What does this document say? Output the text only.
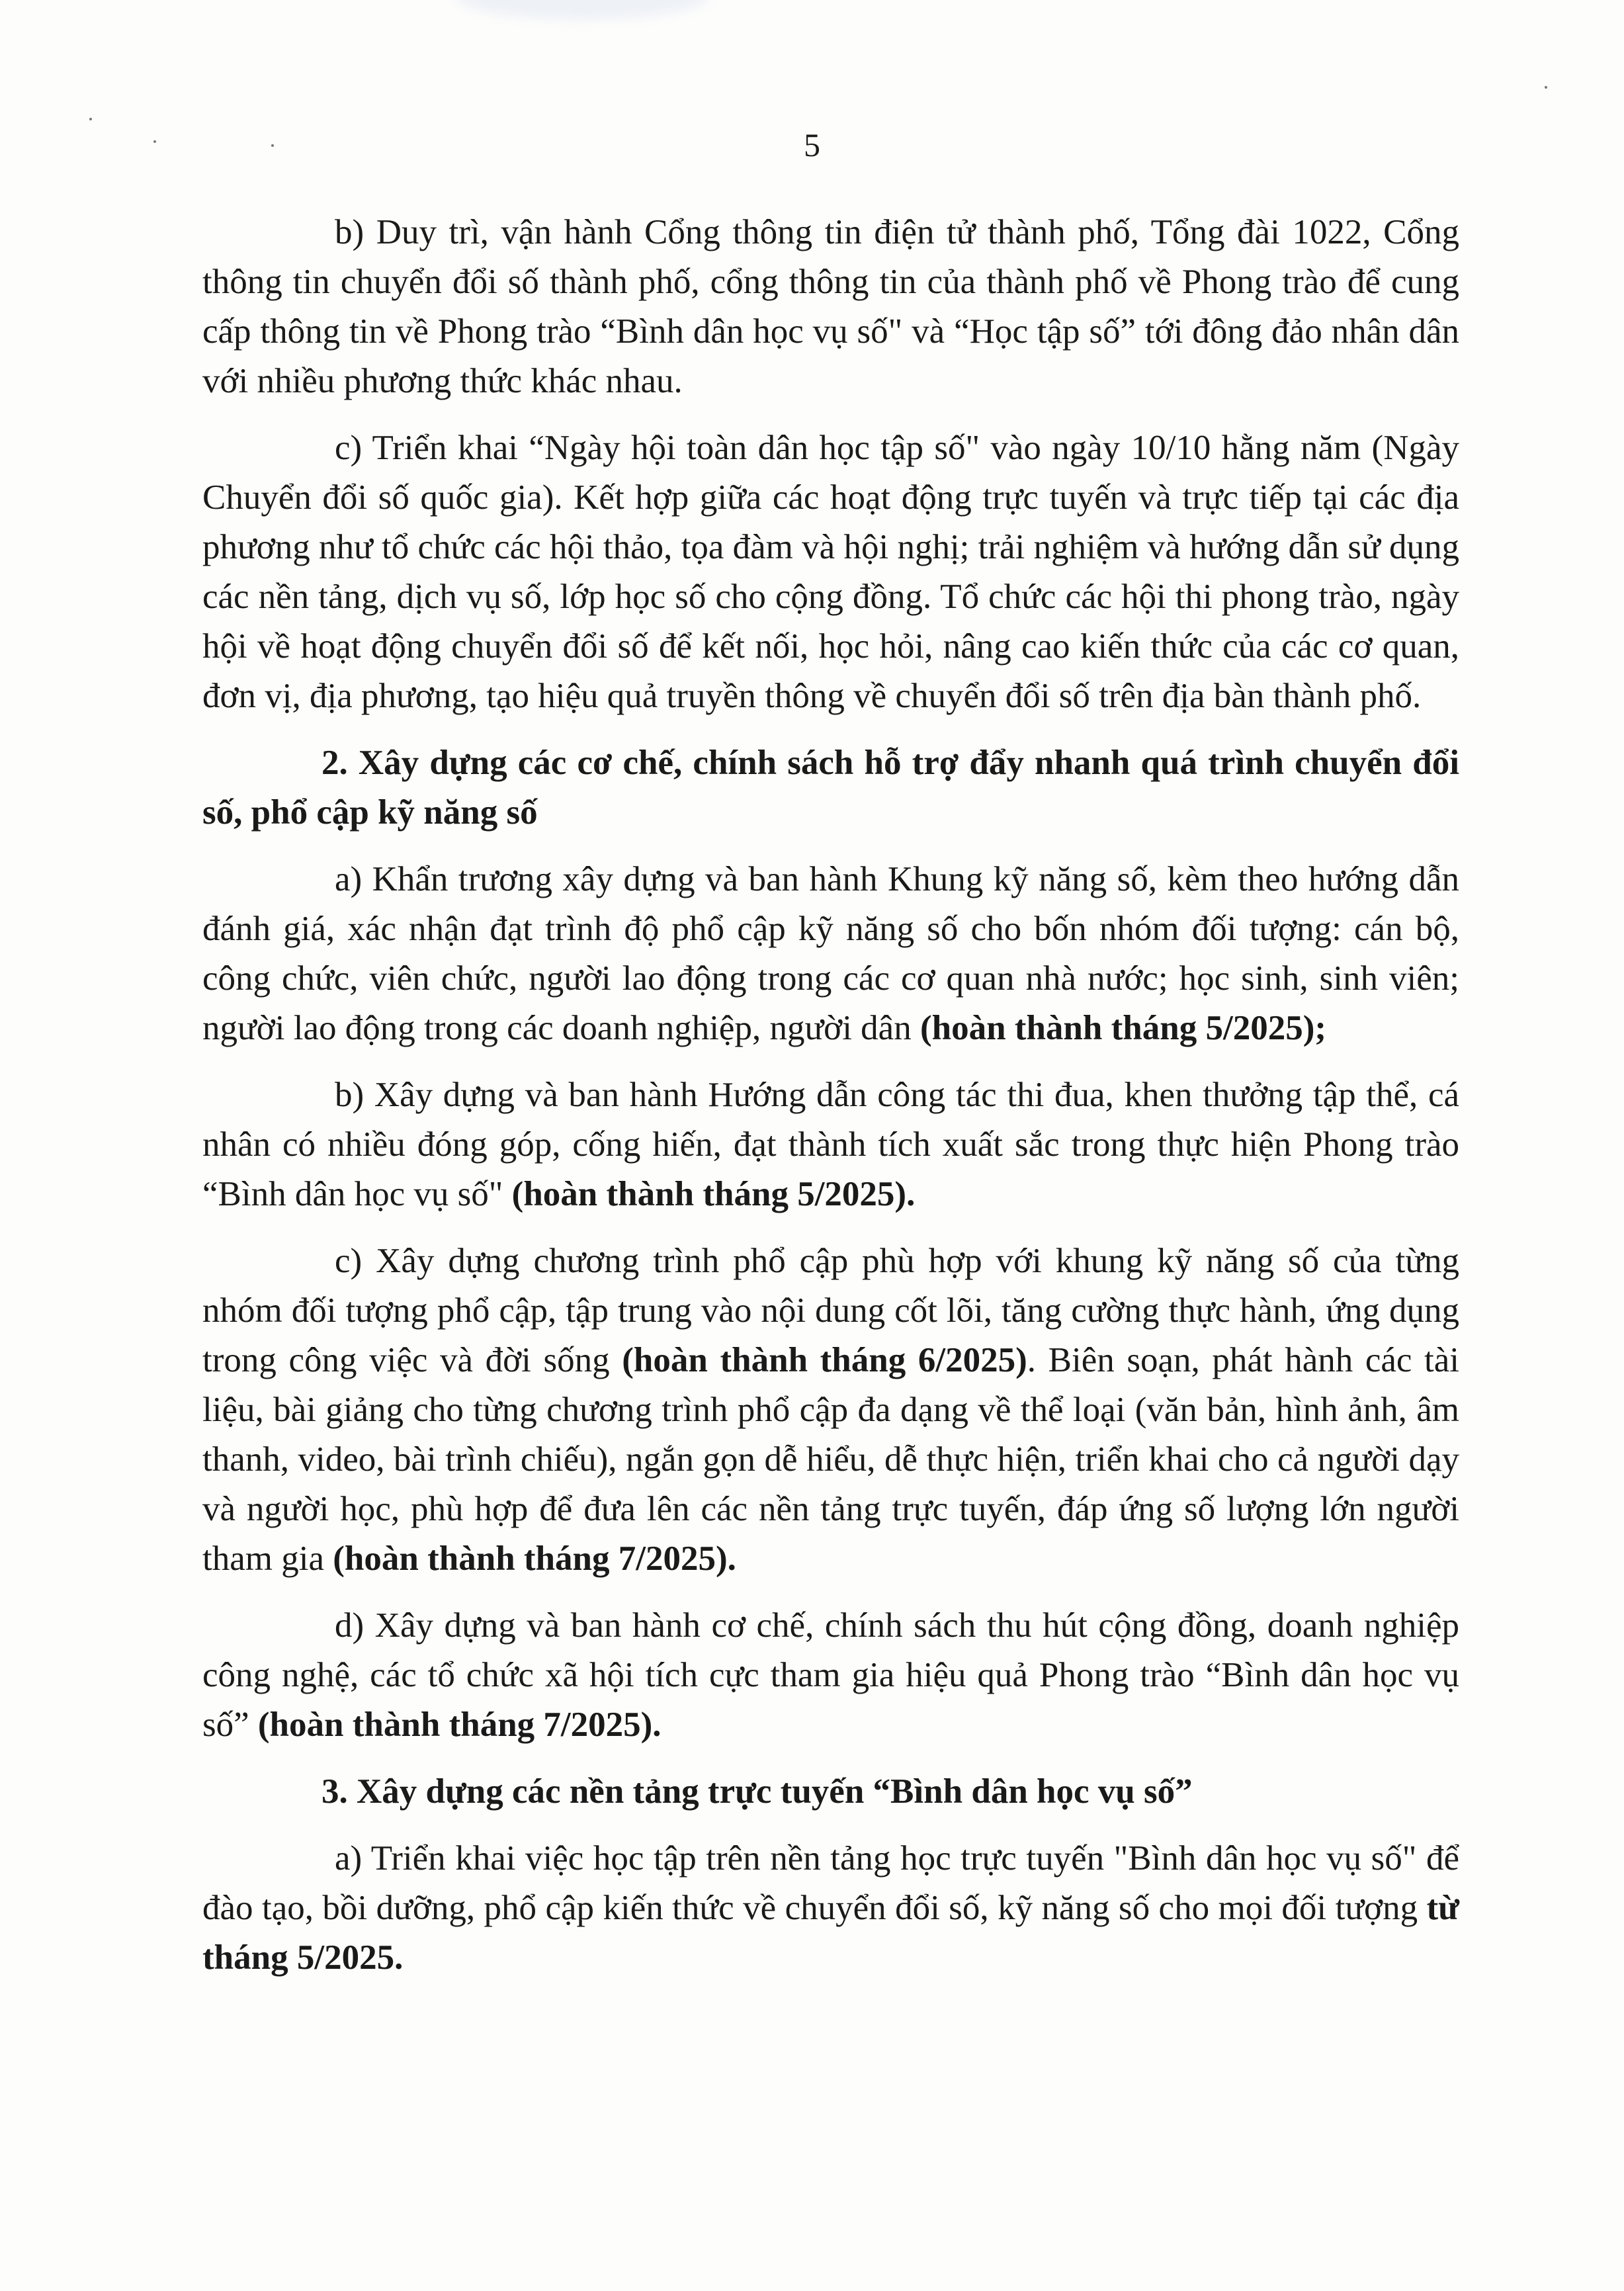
5

b) Duy trì, vận hành Cổng thông tin điện tử thành phố, Tổng đài 1022, Cổng thông tin chuyển đổi số thành phố, cổng thông tin của thành phố về Phong trào để cung cấp thông tin về Phong trào “Bình dân học vụ số" và “Học tập số” tới đông đảo nhân dân với nhiều phương thức khác nhau.

c) Triển khai “Ngày hội toàn dân học tập số" vào ngày 10/10 hằng năm (Ngày Chuyển đổi số quốc gia). Kết hợp giữa các hoạt động trực tuyến và trực tiếp tại các địa phương như tổ chức các hội thảo, tọa đàm và hội nghị; trải nghiệm và hướng dẫn sử dụng các nền tảng, dịch vụ số, lớp học số cho cộng đồng. Tổ chức các hội thi phong trào, ngày hội về hoạt động chuyển đổi số để kết nối, học hỏi, nâng cao kiến thức của các cơ quan, đơn vị, địa phương, tạo hiệu quả truyền thông về chuyển đổi số trên địa bàn thành phố.

2. Xây dựng các cơ chế, chính sách hỗ trợ đẩy nhanh quá trình chuyển đổi số, phổ cập kỹ năng số

a) Khẩn trương xây dựng và ban hành Khung kỹ năng số, kèm theo hướng dẫn đánh giá, xác nhận đạt trình độ phổ cập kỹ năng số cho bốn nhóm đối tượng: cán bộ, công chức, viên chức, người lao động trong các cơ quan nhà nước; học sinh, sinh viên; người lao động trong các doanh nghiệp, người dân (hoàn thành tháng 5/2025);

b) Xây dựng và ban hành Hướng dẫn công tác thi đua, khen thưởng tập thể, cá nhân có nhiều đóng góp, cống hiến, đạt thành tích xuất sắc trong thực hiện Phong trào “Bình dân học vụ số" (hoàn thành tháng 5/2025).

c) Xây dựng chương trình phổ cập phù hợp với khung kỹ năng số của từng nhóm đối tượng phổ cập, tập trung vào nội dung cốt lõi, tăng cường thực hành, ứng dụng trong công việc và đời sống (hoàn thành tháng 6/2025). Biên soạn, phát hành các tài liệu, bài giảng cho từng chương trình phổ cập đa dạng về thể loại (văn bản, hình ảnh, âm thanh, video, bài trình chiếu), ngắn gọn dễ hiểu, dễ thực hiện, triển khai cho cả người dạy và người học, phù hợp để đưa lên các nền tảng trực tuyến, đáp ứng số lượng lớn người tham gia (hoàn thành tháng 7/2025).

d) Xây dựng và ban hành cơ chế, chính sách thu hút cộng đồng, doanh nghiệp công nghệ, các tổ chức xã hội tích cực tham gia hiệu quả Phong trào “Bình dân học vụ số” (hoàn thành tháng 7/2025).

3. Xây dựng các nền tảng trực tuyến “Bình dân học vụ số”

a) Triển khai việc học tập trên nền tảng học trực tuyến "Bình dân học vụ số" để đào tạo, bồi dưỡng, phổ cập kiến thức về chuyển đổi số, kỹ năng số cho mọi đối tượng từ tháng 5/2025.
